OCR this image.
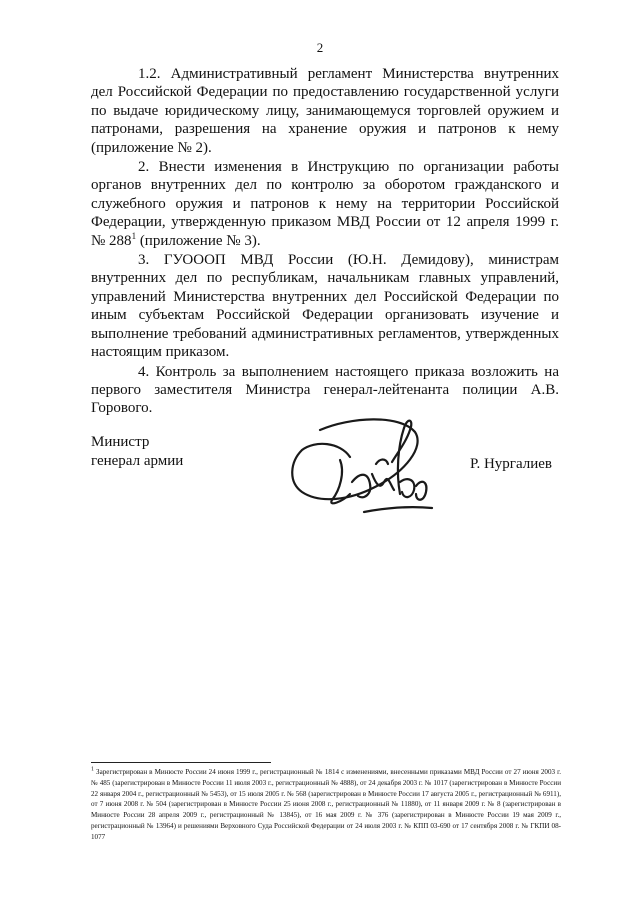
2

1.2. Административный регламент Министерства внутренних дел Российской Федерации по предоставлению государственной услуги по выдаче юридическому лицу, занимающемуся торговлей оружием и патронами, разрешения на хранение оружия и патронов к нему (приложение № 2).

2. Внести изменения в Инструкцию по организации работы органов внутренних дел по контролю за оборотом гражданского и служебного оружия и патронов к нему на территории Российской Федерации, утвержденную приказом МВД России от 12 апреля 1999 г. № $288^1$ (приложение № 3).

3. ГУОООП МВД России (Ю.Н. Демидову), министрам внутренних дел по республикам, начальникам главных управлений, управлений Министерства внутренних дел Российской Федерации по иным субъектам Российской Федерации организовать изучение и выполнение требований административных регламентов, утвержденных настоящим приказом.

4. Контроль за выполнением настоящего приказа возложить на первого заместителя Министра генерал-лейтенанта полиции А.В. Горового.

Министр
генерал армии	Р. Нургалиев
$^1$ Зарегистрирован в Минюсте России 24 июня 1999 г., регистрационный № 1814 с изменениями, внесенными приказами МВД России от 27 июня 2003 г. № 485 (зарегистрирован в Минюсте России 11 июля 2003 г., регистрационный № 4888), от 24 декабря 2003 г. № 1017 (зарегистрирован в Минюсте России 22 января 2004 г., регистрационный № 5453), от 15 июля 2005 г. № 568 (зарегистрирован в Минюсте России 17 августа 2005 г., регистрационный № 6911), от 7 июня 2008 г. № 504 (зарегистрирован в Минюсте России 25 июня 2008 г., регистрационный № 11880), от 11 января 2009 г. № 8 (зарегистрирован в Минюсте России 28 апреля 2009 г., регистрационный № 13845), от 16 мая 2009 г. № 376 (зарегистрирован в Минюсте России 19 мая 2009 г., регистрационный № 13964) и решениями Верховного Суда Российской Федерации от 24 июля 2003 г. № КПП 03-690 от 17 сентября 2008 г. № ГКПИ 08-1077
